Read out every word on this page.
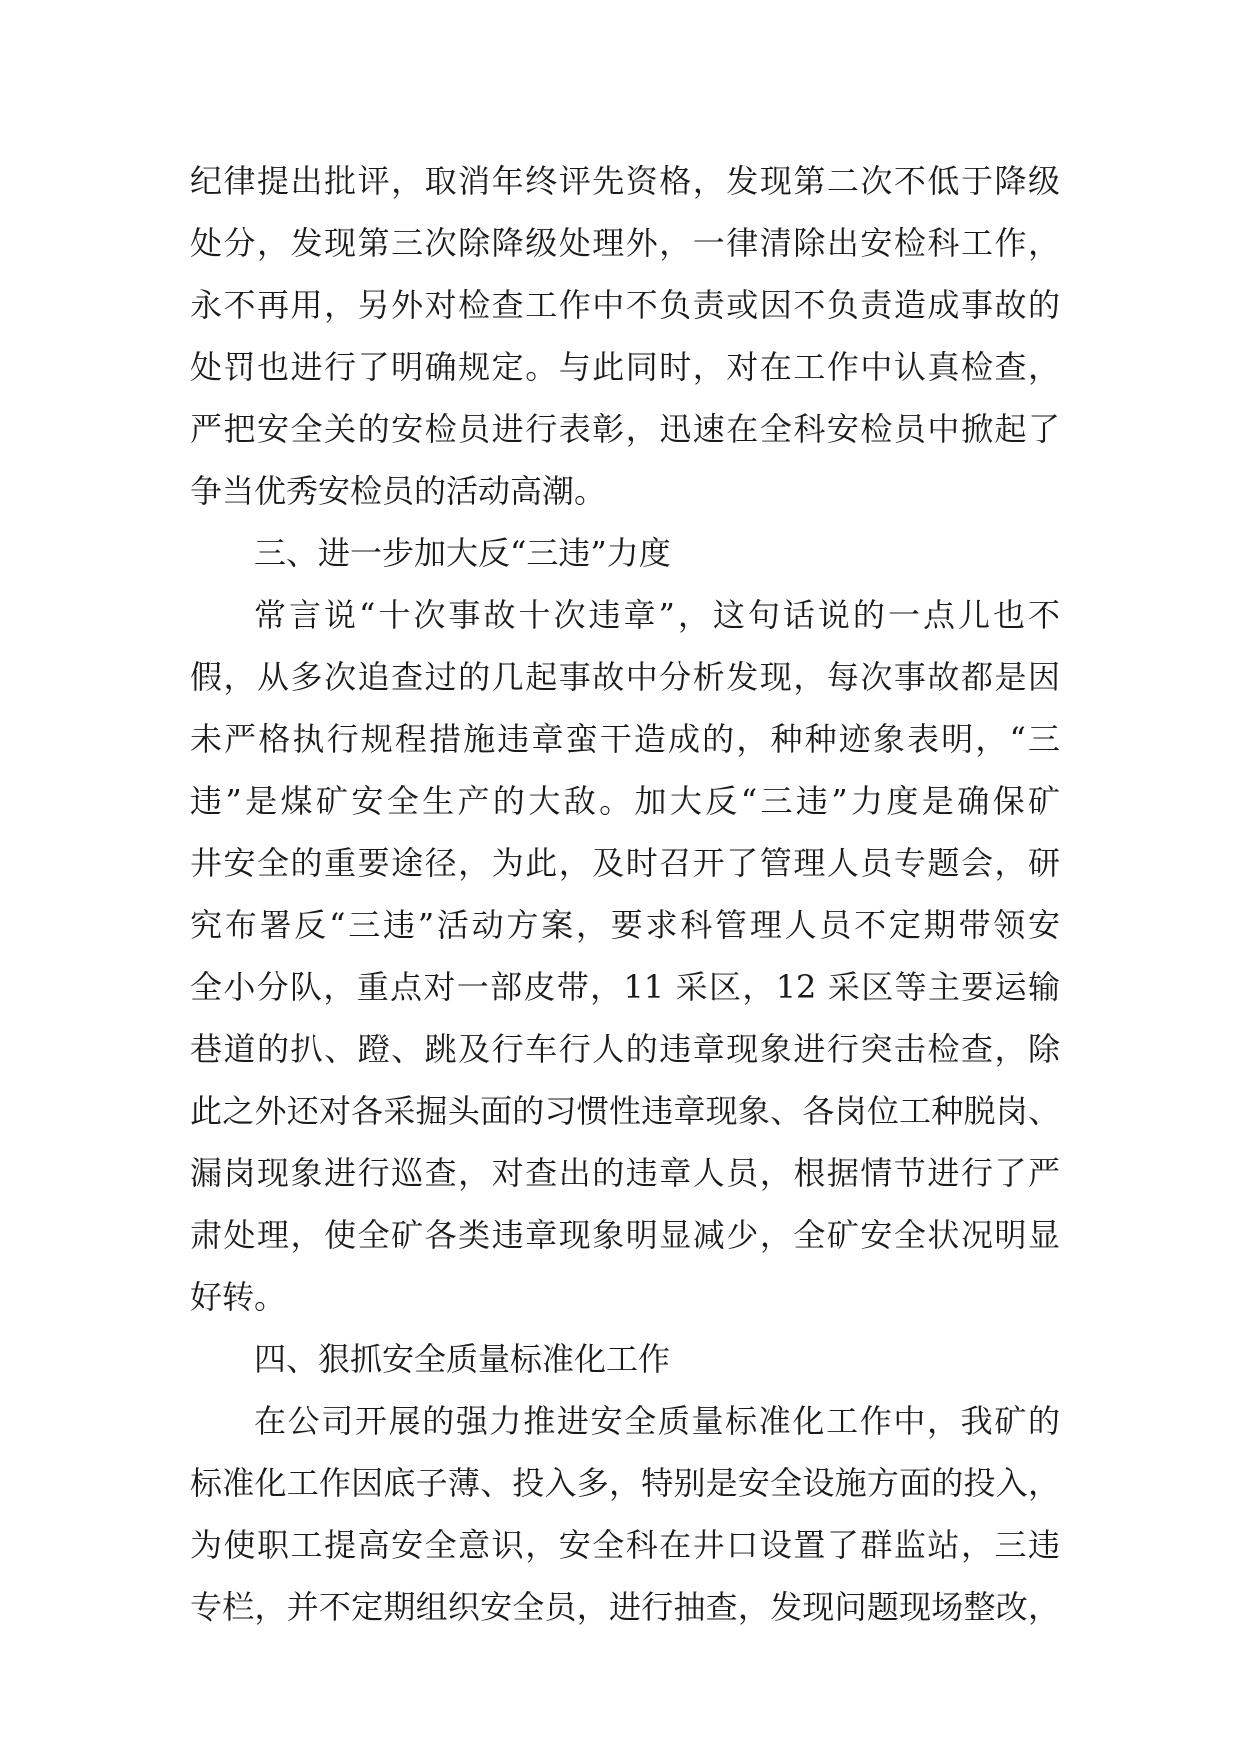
纪律提出批评，取消年终评先资格，发现第二次不低于降级
处分，发现第三次除降级处理外，一律清除出安检科工作，
永不再用，另外对检查工作中不负责或因不负责造成事故的
处罚也进行了明确规定。与此同时，对在工作中认真检查，
严把安全关的安检员进行表彰，迅速在全科安检员中掀起了
争当优秀安检员的活动高潮。
三、进一步加大反“三违”力度
常言说“十次事故十次违章”，这句话说的一点儿也不
假，从多次追查过的几起事故中分析发现，每次事故都是因
未严格执行规程措施违章蛮干造成的，种种迹象表明，“三
违”是煤矿安全生产的大敌。加大反“三违”力度是确保矿
井安全的重要途径，为此，及时召开了管理人员专题会，研
究布署反“三违”活动方案，要求科管理人员不定期带领安
全小分队，重点对一部皮带，11 采区，12 采区等主要运输
巷道的扒、蹬、跳及行车行人的违章现象进行突击检查，除
此之外还对各采掘头面的习惯性违章现象、各岗位工种脱岗、
漏岗现象进行巡查，对查出的违章人员，根据情节进行了严
肃处理，使全矿各类违章现象明显减少，全矿安全状况明显
好转。
四、狠抓安全质量标准化工作
在公司开展的强力推进安全质量标准化工作中，我矿的
标准化工作因底子薄、投入多，特别是安全设施方面的投入，
为使职工提高安全意识，安全科在井口设置了群监站，三违
专栏，并不定期组织安全员，进行抽查，发现问题现场整改，
